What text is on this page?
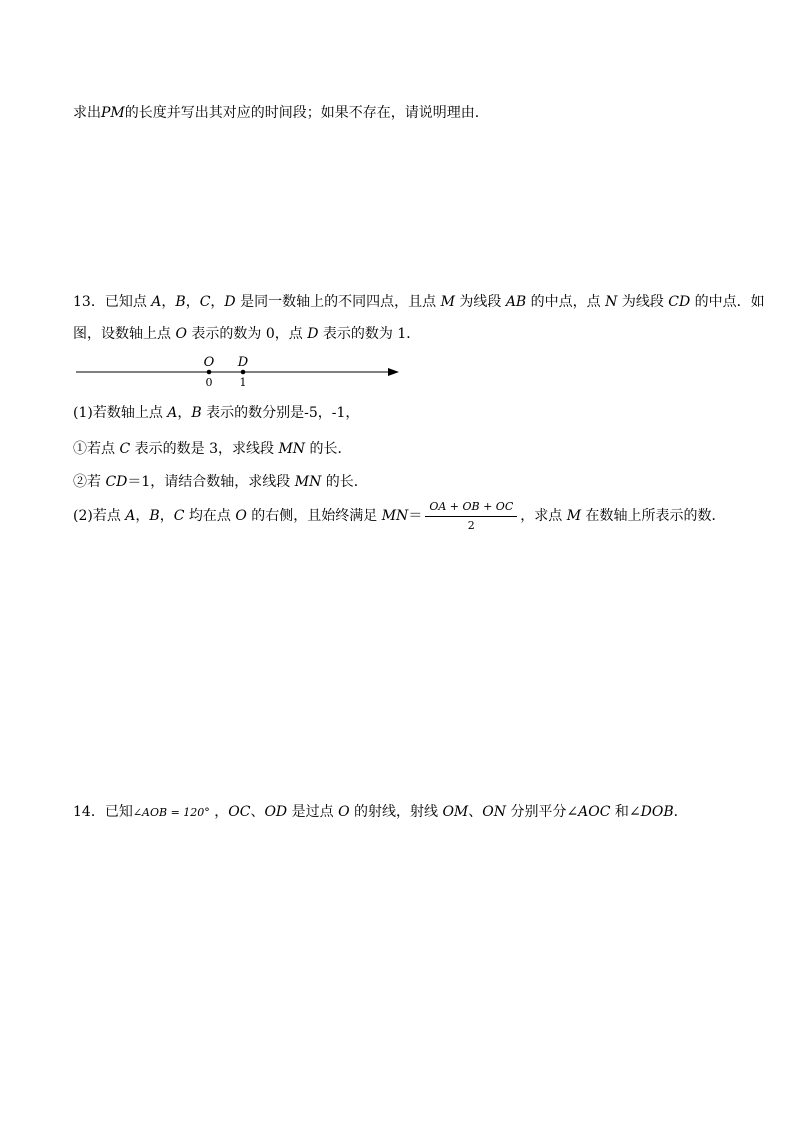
求出PM的长度并写出其对应的时间段；如果不存在，请说明理由.
13．已知点 A，B，C，D 是同一数轴上的不同四点，且点 M 为线段 AB 的中点，点 N 为线段 CD 的中点．如
图，设数轴上点 O 表示的数为 0，点 D 表示的数为 1．
O
0
D
1
(1)若数轴上点 A，B 表示的数分别是-5，-1，
①若点 C 表示的数是 3，求线段 MN 的长．
②若 CD＝1，请结合数轴，求线段 MN 的长．
(2)若点 A，B，C 均在点 O 的右侧，且始终满足 $MN= \frac{OA + OB + OC}{2}$ ，求点 M 在数轴上所表示的数．
14．已知∠AOB = 120° ，OC、OD 是过点 O 的射线，射线 OM、ON 分别平分∠AOC 和∠DOB．
